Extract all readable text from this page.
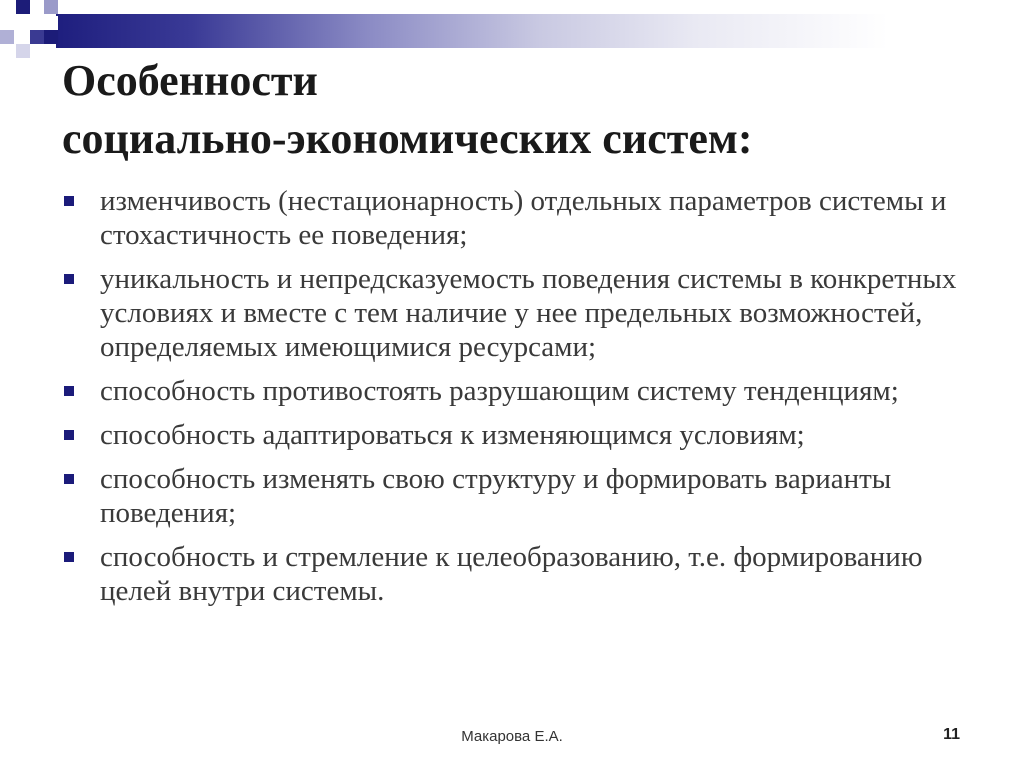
Особенности
социально-экономических систем:
изменчивость (нестационарность) отдельных параметров системы и стохастичность ее поведения;
уникальность и непредсказуемость поведения системы в конкретных условиях и вместе с тем наличие у нее предельных возможностей, определяемых имеющимися ресурсами;
способность противостоять разрушающим систему тенденциям;
способность адаптироваться к изменяющимся условиям;
способность изменять свою структуру и формировать варианты поведения;
способность и стремление к целеобразованию, т.е. формированию целей внутри системы.
Макарова Е.А.	11
